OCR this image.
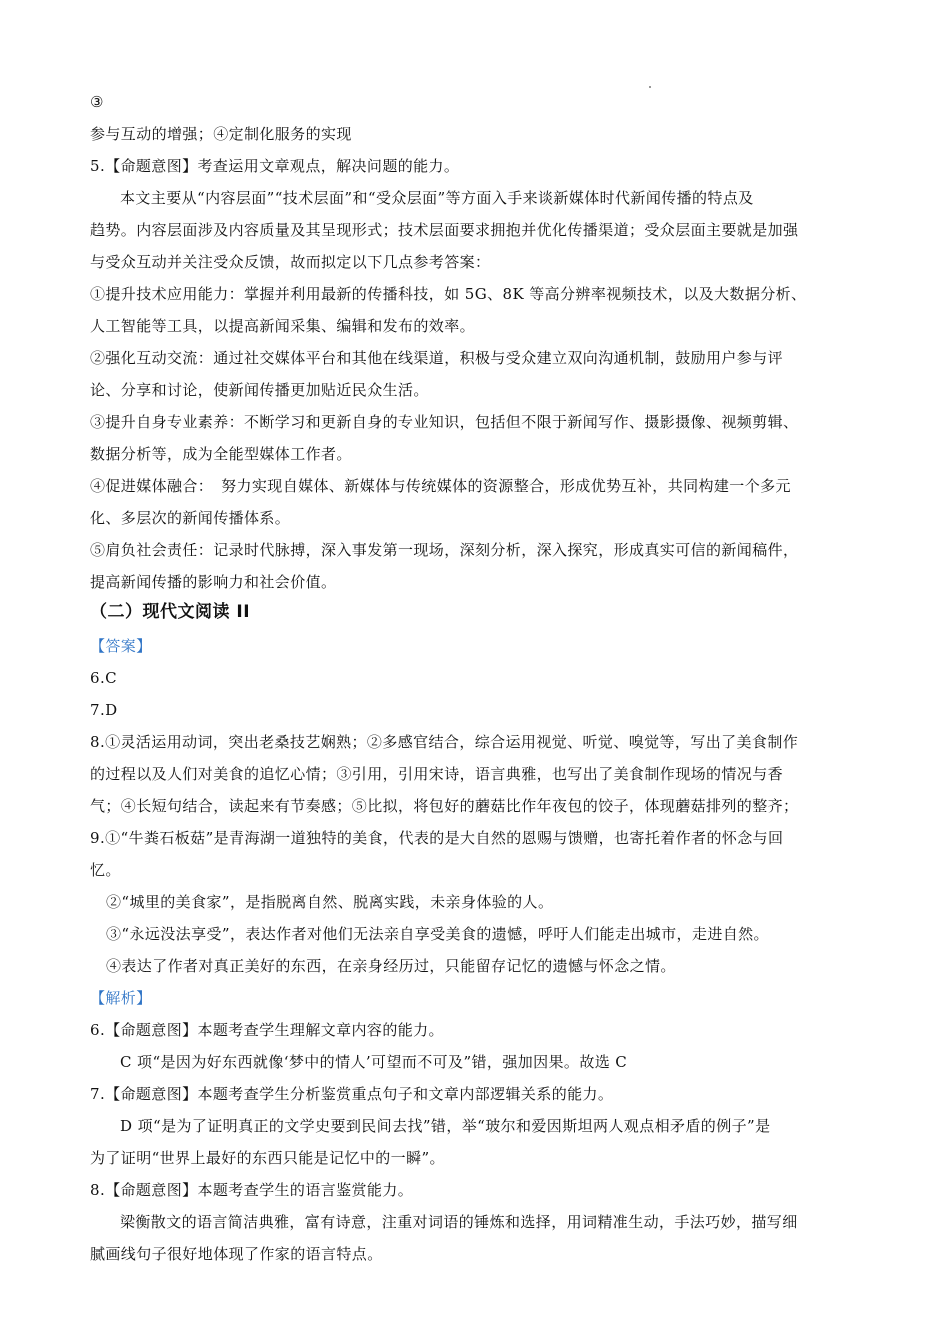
③
参与互动的增强；④定制化服务的实现
5.【命题意图】考查运用文章观点，解决问题的能力。
本文主要从“内容层面”“技术层面”和“受众层面”等方面入手来谈新媒体时代新闻传播的特点及
趋势。内容层面涉及内容质量及其呈现形式；技术层面要求拥抱并优化传播渠道；受众层面主要就是加强
与受众互动并关注受众反馈，故而拟定以下几点参考答案：
①提升技术应用能力：掌握并利用最新的传播科技，如 5G、8K 等高分辨率视频技术，以及大数据分析、
人工智能等工具，以提高新闻采集、编辑和发布的效率。
②强化互动交流：通过社交媒体平台和其他在线渠道，积极与受众建立双向沟通机制，鼓励用户参与评
论、分享和讨论，使新闻传播更加贴近民众生活。
③提升自身专业素养：不断学习和更新自身的专业知识，包括但不限于新闻写作、摄影摄像、视频剪辑、
数据分析等，成为全能型媒体工作者。
④促进媒体融合：　努力实现自媒体、新媒体与传统媒体的资源整合，形成优势互补，共同构建一个多元
化、多层次的新闻传播体系。
⑤肩负社会责任：记录时代脉搏，深入事发第一现场，深刻分析，深入探究，形成真实可信的新闻稿件，
提高新闻传播的影响力和社会价值。
（二）现代文阅读 II
【答案】
6.C
7.D
8.①灵活运用动词，突出老桑技艺娴熟；②多感官结合，综合运用视觉、听觉、嗅觉等，写出了美食制作
的过程以及人们对美食的追忆心情；③引用，引用宋诗，语言典雅，也写出了美食制作现场的情况与香
气；④长短句结合，读起来有节奏感；⑤比拟，将包好的蘑菇比作年夜包的饺子，体现蘑菇排列的整齐；
9.①“牛粪石板菇”是青海湖一道独特的美食，代表的是大自然的恩赐与馈赠，也寄托着作者的怀念与回
忆。
②“城里的美食家”，是指脱离自然、脱离实践，未亲身体验的人。
③“永远没法享受”，表达作者对他们无法亲自享受美食的遗憾，呼吁人们能走出城市，走进自然。
④表达了作者对真正美好的东西，在亲身经历过，只能留存记忆的遗憾与怀念之情。
【解析】
6.【命题意图】本题考查学生理解文章内容的能力。
C 项“是因为好东西就像‘梦中的情人’可望而不可及”错，强加因果。故选 C
7.【命题意图】本题考查学生分析鉴赏重点句子和文章内部逻辑关系的能力。
D 项“是为了证明真正的文学史要到民间去找”错，举“玻尔和爱因斯坦两人观点相矛盾的例子”是
为了证明“世界上最好的东西只能是记忆中的一瞬”。
8.【命题意图】本题考查学生的语言鉴赏能力。
梁衡散文的语言简洁典雅，富有诗意，注重对词语的锤炼和选择，用词精准生动，手法巧妙，描写细
腻画线句子很好地体现了作家的语言特点。
